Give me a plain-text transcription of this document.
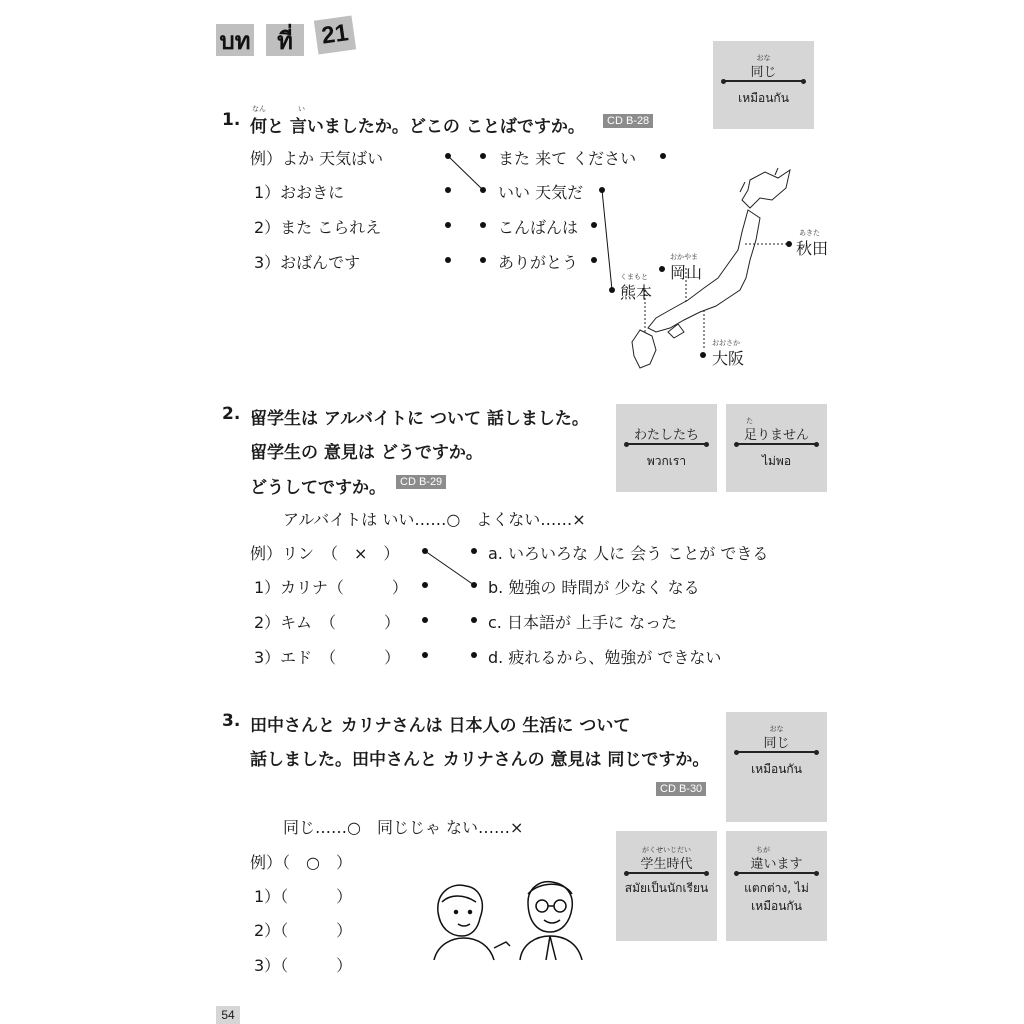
บท ที่ 21
1.
なん	い
何と 言いましたか。どこの ことばですか。	CD B-28
例）よか 天気ばい
1）おおきに
2）また こられえ
3）おばんです
また 来て ください
いい 天気だ
こんばんは
ありがとう
あきた
秋田
おかやま
岡山
くまもと
熊本
おおさか
大阪
2. 留学生は アルバイトに ついて 話しました。
留学生の 意見は どうですか。
どうしてですか。	CD B-29
アルバイトは いい……○　よくない……×
例）リン　（　×　）
1）カリナ（　　　）
2）キム　（　　　）
3）エド　（　　　）
a. いろいろな 人に 会う ことが できる
b. 勉強の 時間が 少なく なる
c. 日本語が 上手に なった
d. 疲れるから、勉強が できない
3. 田中さんと カリナさんは 日本人の 生活に ついて
話しました。田中さんと カリナさんの 意見は 同じですか。
CD B-30
同じ……○　同じじゃ ない……×
例）（　○　）
1）（　　　）
2）（　　　）
3）（　　　）
おな
同じ
เหมือนกัน
わたしたち
พวกเรา
た
足りません
ไม่พอ
おな
同じ
เหมือนกัน
がくせいじだい
学生時代
สมัยเป็นนักเรียน
ちが
違います
แตกต่าง, ไม่เหมือนกัน
54
